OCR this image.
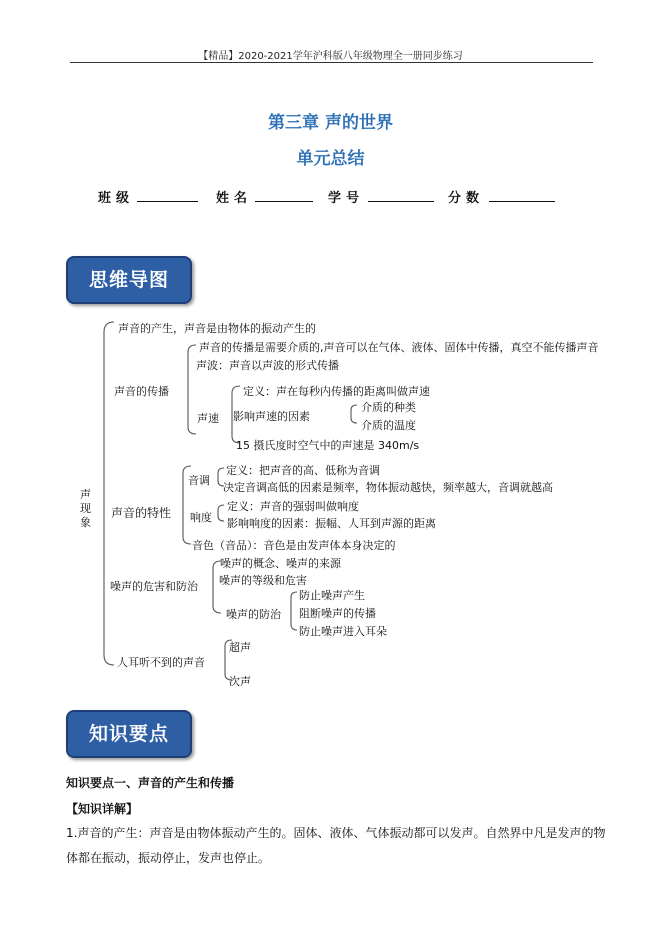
【精品】2020-2021学年沪科版八年级物理全一册同步练习
第三章 声的世界
单元总结
班级	姓名	学号	分数
思维导图
声现象
声音的产生，声音是由物体的振动产生的
声音的传播
声音的传播是需要介质的,声音可以在气体、液体、固体中传播，真空不能传播声音
声波：声音以声波的形式传播
声速
定义：声在每秒内传播的距离叫做声速
影响声速的因素
介质的种类
介质的温度
15 摄氏度时空气中的声速是 340m/s
声音的特性
音调
定义：把声音的高、低称为音调
决定音调高低的因素是频率，物体振动越快，频率越大，音调就越高
响度
定义：声音的强弱叫做响度
影响响度的因素：振幅、人耳到声源的距离
音色（音品）：音色是由发声体本身决定的
噪声的危害和防治
噪声的概念、噪声的来源
噪声的等级和危害
噪声的防治
防止噪声产生
阻断噪声的传播
防止噪声进入耳朵
人耳听不到的声音
超声
次声
知识要点
知识要点一、声音的产生和传播
【知识详解】
1.声音的产生：声音是由物体振动产生的。固体、液体、气体振动都可以发声。自然界中凡是发声的物
体都在振动，振动停止，发声也停止。
